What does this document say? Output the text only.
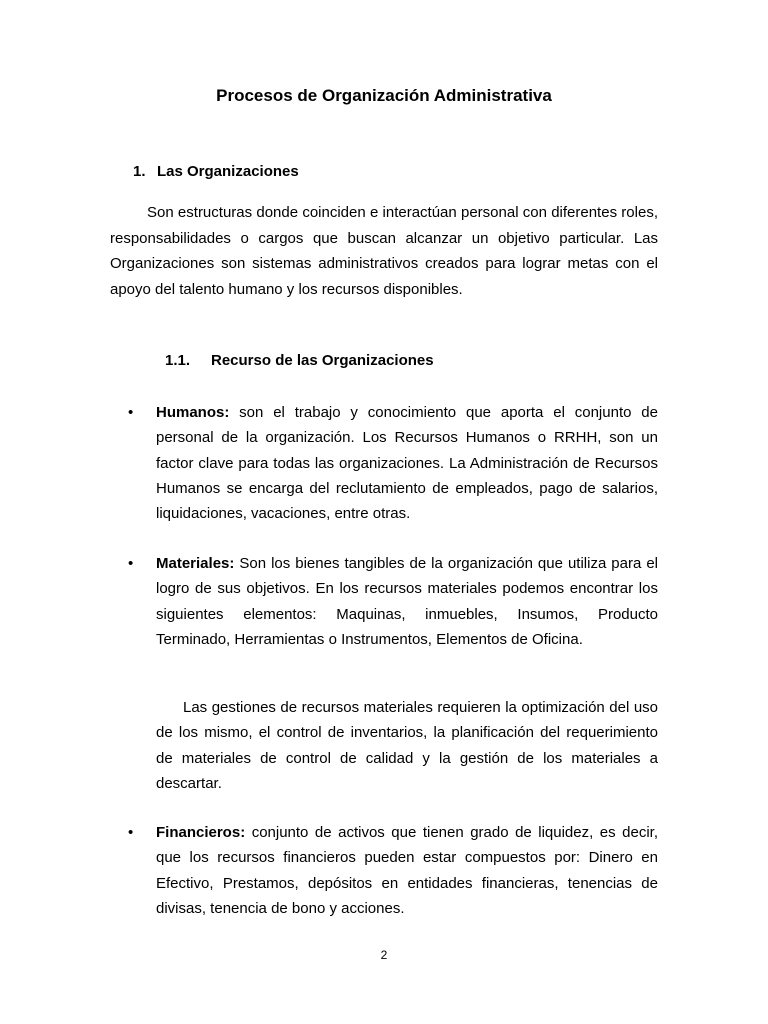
Procesos de Organización Administrativa
1. Las Organizaciones

Son estructuras donde coinciden e interactúan personal con diferentes roles, responsabilidades o cargos que buscan alcanzar un objetivo particular. Las Organizaciones son sistemas administrativos creados para lograr metas con el apoyo del talento humano y los recursos disponibles.

1.1. Recurso de las Organizaciones
• Humanos: son el trabajo y conocimiento que aporta el conjunto de personal de la organización. Los Recursos Humanos o RRHH, son un factor clave para todas las organizaciones. La Administración de Recursos Humanos se encarga del reclutamiento de empleados, pago de salarios, liquidaciones, vacaciones, entre otras.

• Materiales: Son los bienes tangibles de la organización que utiliza para el logro de sus objetivos. En los recursos materiales podemos encontrar los siguientes elementos: Maquinas, inmuebles, Insumos, Producto Terminado, Herramientas o Instrumentos, Elementos de Oficina.

Las gestiones de recursos materiales requieren la optimización del uso de los mismo, el control de inventarios, la planificación del requerimiento de materiales de control de calidad y la gestión de los materiales a descartar.

• Financieros: conjunto de activos que tienen grado de liquidez, es decir, que los recursos financieros pueden estar compuestos por: Dinero en Efectivo, Prestamos, depósitos en entidades financieras, tenencias de divisas, tenencia de bono y acciones.

2
